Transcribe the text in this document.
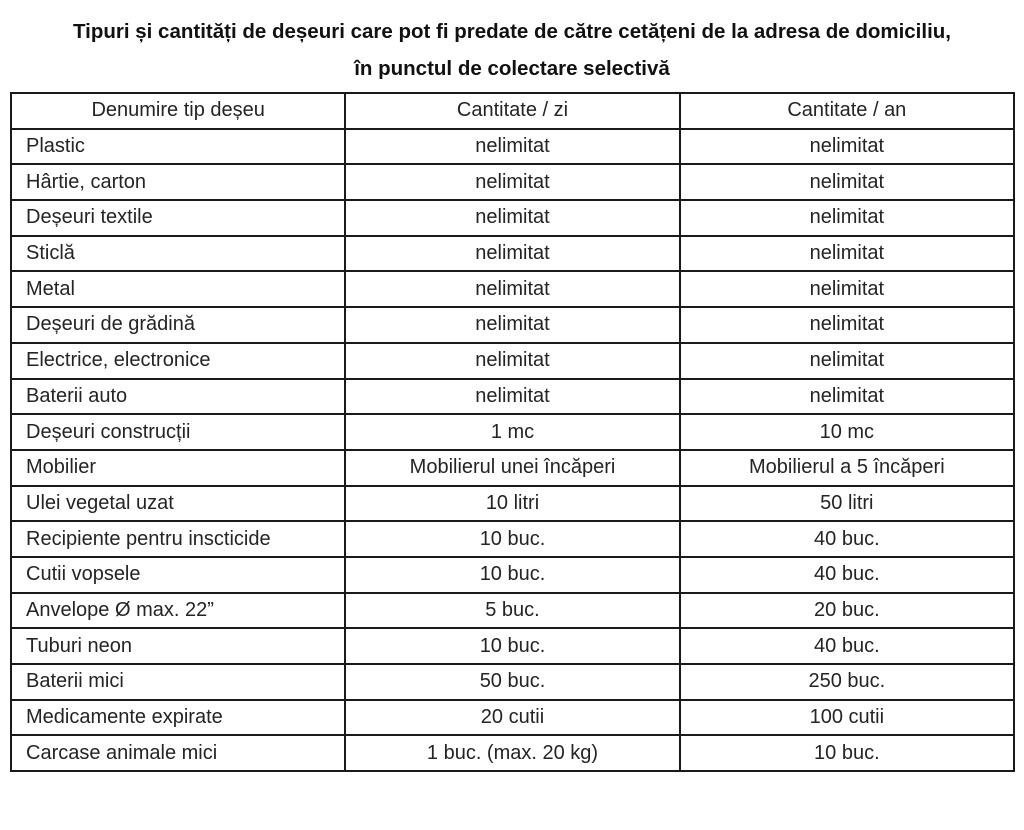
Tipuri și cantități de deșeuri care pot fi predate de către cetățeni de la adresa de domiciliu,
în punctul de colectare selectivă
Denumire tip deșeu	Cantitate / zi	Cantitate / an
Plastic	nelimitat	nelimitat
Hârtie, carton	nelimitat	nelimitat
Deșeuri textile	nelimitat	nelimitat
Sticlă	nelimitat	nelimitat
Metal	nelimitat	nelimitat
Deșeuri de grădină	nelimitat	nelimitat
Electrice, electronice	nelimitat	nelimitat
Baterii auto	nelimitat	nelimitat
Deșeuri construcții	1 mc	10 mc
Mobilier	Mobilierul unei încăperi	Mobilierul a 5 încăperi
Ulei vegetal uzat	10 litri	50 litri
Recipiente pentru inscticide	10 buc.	40 buc.
Cutii vopsele	10 buc.	40 buc.
Anvelope Ø max. 22”	5 buc.	20 buc.
Tuburi neon	10 buc.	40 buc.
Baterii mici	50 buc.	250 buc.
Medicamente expirate	20 cutii	100 cutii
Carcase animale mici	1 buc. (max. 20 kg)	10 buc.
